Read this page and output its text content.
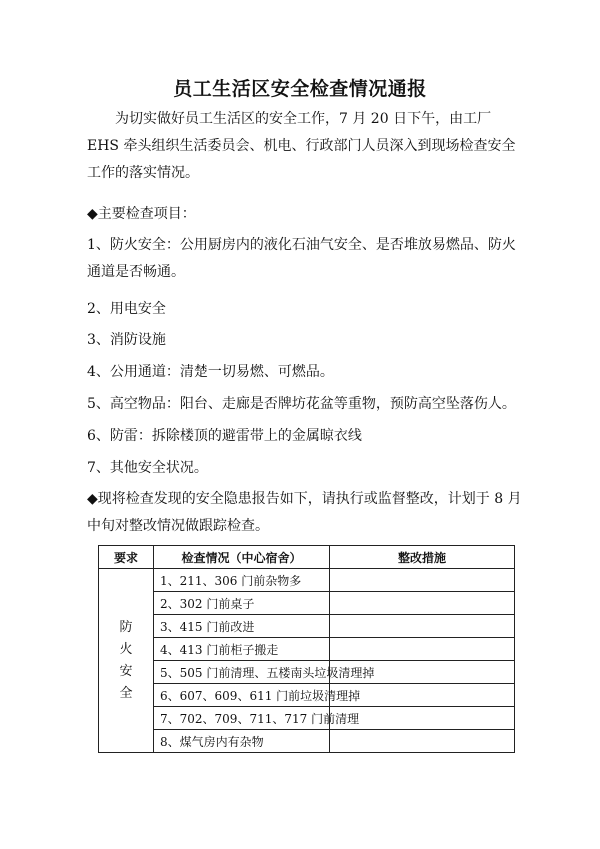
员工生活区安全检查情况通报

为切实做好员工生活区的安全工作，7 月 20 日下午，由工厂 EHS 牵头组织生活委员会、机电、行政部门人员深入到现场检查安全工作的落实情况。

◆主要检查项目：

1、防火安全：公用厨房内的液化石油气安全、是否堆放易燃品、防火通道是否畅通。

2、用电安全
3、消防设施
4、公用通道：清楚一切易燃、可燃品。
5、高空物品：阳台、走廊是否牌坊花盆等重物，预防高空坠落伤人。
6、防雷：拆除楼顶的避雷带上的金属晾衣线
7、其他安全状况。

◆现将检查发现的安全隐患报告如下，请执行或监督整改，计划于 8 月中旬对整改情况做跟踪检查。

要求	检查情况（中心宿舍）	整改措施
防火安全	1、211、306 门前杂物多	
	2、302 门前桌子	
	3、415 门前改进	
	4、413 门前柜子搬走	
	5、505 门前清理、五楼南头垃圾清理掉	
	6、607、609、611 门前垃圾清理掉	
	7、702、709、711、717 门前清理	
	8、煤气房内有杂物	
